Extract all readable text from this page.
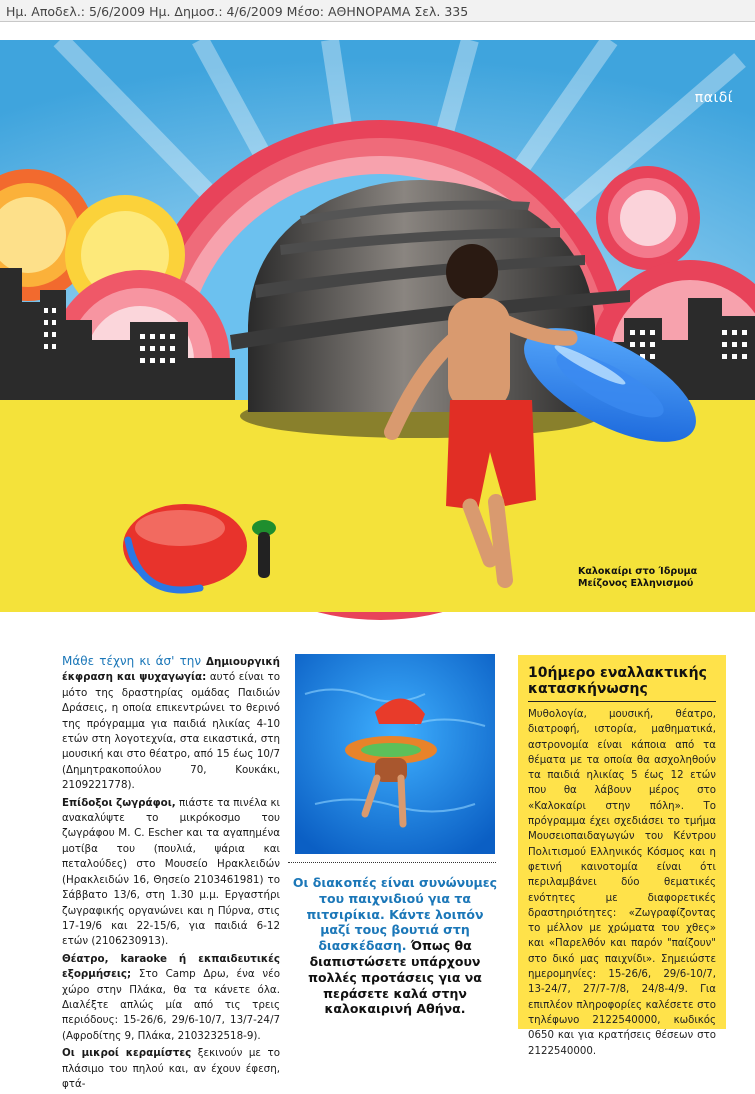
Ημ. Αποδελ.: 5/6/2009 Ημ. Δημοσ.: 4/6/2009 Μέσο: ΑΘΗΝΟΡΑΜΑ Σελ. 335
παιδί
Καλοκαίρι στο Ίδρυμα Μείζονος Ελληνισμού

Μάθε τέχνη κι άσ' την Δημιουργική έκφραση και ψυχαγωγία: αυτό είναι το μότο της δραστηρίας ομάδας Παιδιών Δράσεις, η οποία επικεντρώνει το θερινό της πρόγραμμα για παιδιά ηλικίας 4-10 ετών στη λογοτεχνία, στα εικαστικά, στη μουσική και στο θέατρο, από 15 έως 10/7 (Δημητρακοπούλου 70, Κουκάκι, 2109221778).

Επίδοξοι ζωγράφοι, πιάστε τα πινέλα κι ανακαλύψτε το μικρόκοσμο του ζωγράφου M. C. Escher και τα αγαπημένα μοτίβα του (πουλιά, ψάρια και πεταλούδες) στο Μουσείο Ηρακλειδών (Ηρακλειδών 16, Θησείο 2103461981) το Σάββατο 13/6, στη 1.30 μ.μ. Εργαστήρι ζωγραφικής οργανώνει και η Πύρνα, στις 17-19/6 και 22-15/6, για παιδιά 6-12 ετών (2106230913).

Θέατρο, karaoke ή εκπαιδευτικές εξορμήσεις; Στο Camp Δρω, ένα νέο χώρο στην Πλάκα, θα τα κάνετε όλα. Διαλέξτε απλώς μία από τις τρεις περιόδους: 15-26/6, 29/6-10/7, 13/7-24/7 (Αφροδίτης 9, Πλάκα, 2103232518-9).

Οι μικροί κεραμίστες ξεκινούν με το πλάσιμο του πηλού και, αν έχουν έφεση, φτά-

Οι διακοπές είναι συνώνυμες του παιχνιδιού για τα πιτσιρίκια. Κάντε λοιπόν μαζί τους βουτιά στη διασκέδαση. Όπως θα διαπιστώσετε υπάρχουν πολλές προτάσεις για να περάσετε καλά στην καλοκαιρινή Αθήνα.
10ήμερο εναλλακτικής κατασκήνωσης
Μυθολογία, μουσική, θέατρο, διατροφή, ιστορία, μαθηματικά, αστρονομία είναι κάποια από τα θέματα με τα οποία θα ασχοληθούν τα παιδιά ηλικίας 5 έως 12 ετών που θα λάβουν μέρος στο «Καλοκαίρι στην πόλη». Το πρόγραμμα έχει σχεδιάσει το τμήμα Μουσειοπαιδαγωγών του Κέντρου Πολιτισμού Ελληνικός Κόσμος και η φετινή καινοτομία είναι ότι περιλαμβάνει δύο θεματικές ενότητες με διαφορετικές δραστηριότητες: «Ζωγραφίζοντας το μέλλον με χρώματα του χθες» και «Παρελθόν και παρόν "παίζουν" στο δικό μας παιχνίδι». Σημειώστε ημερομηνίες: 15-26/6, 29/6-10/7, 13-24/7, 27/7-7/8, 24/8-4/9. Για επιπλέον πληροφορίες καλέσετε στο τηλέφωνο 2122540000, κωδικός 0650 και για κρατήσεις θέσεων στο 2122540000.
